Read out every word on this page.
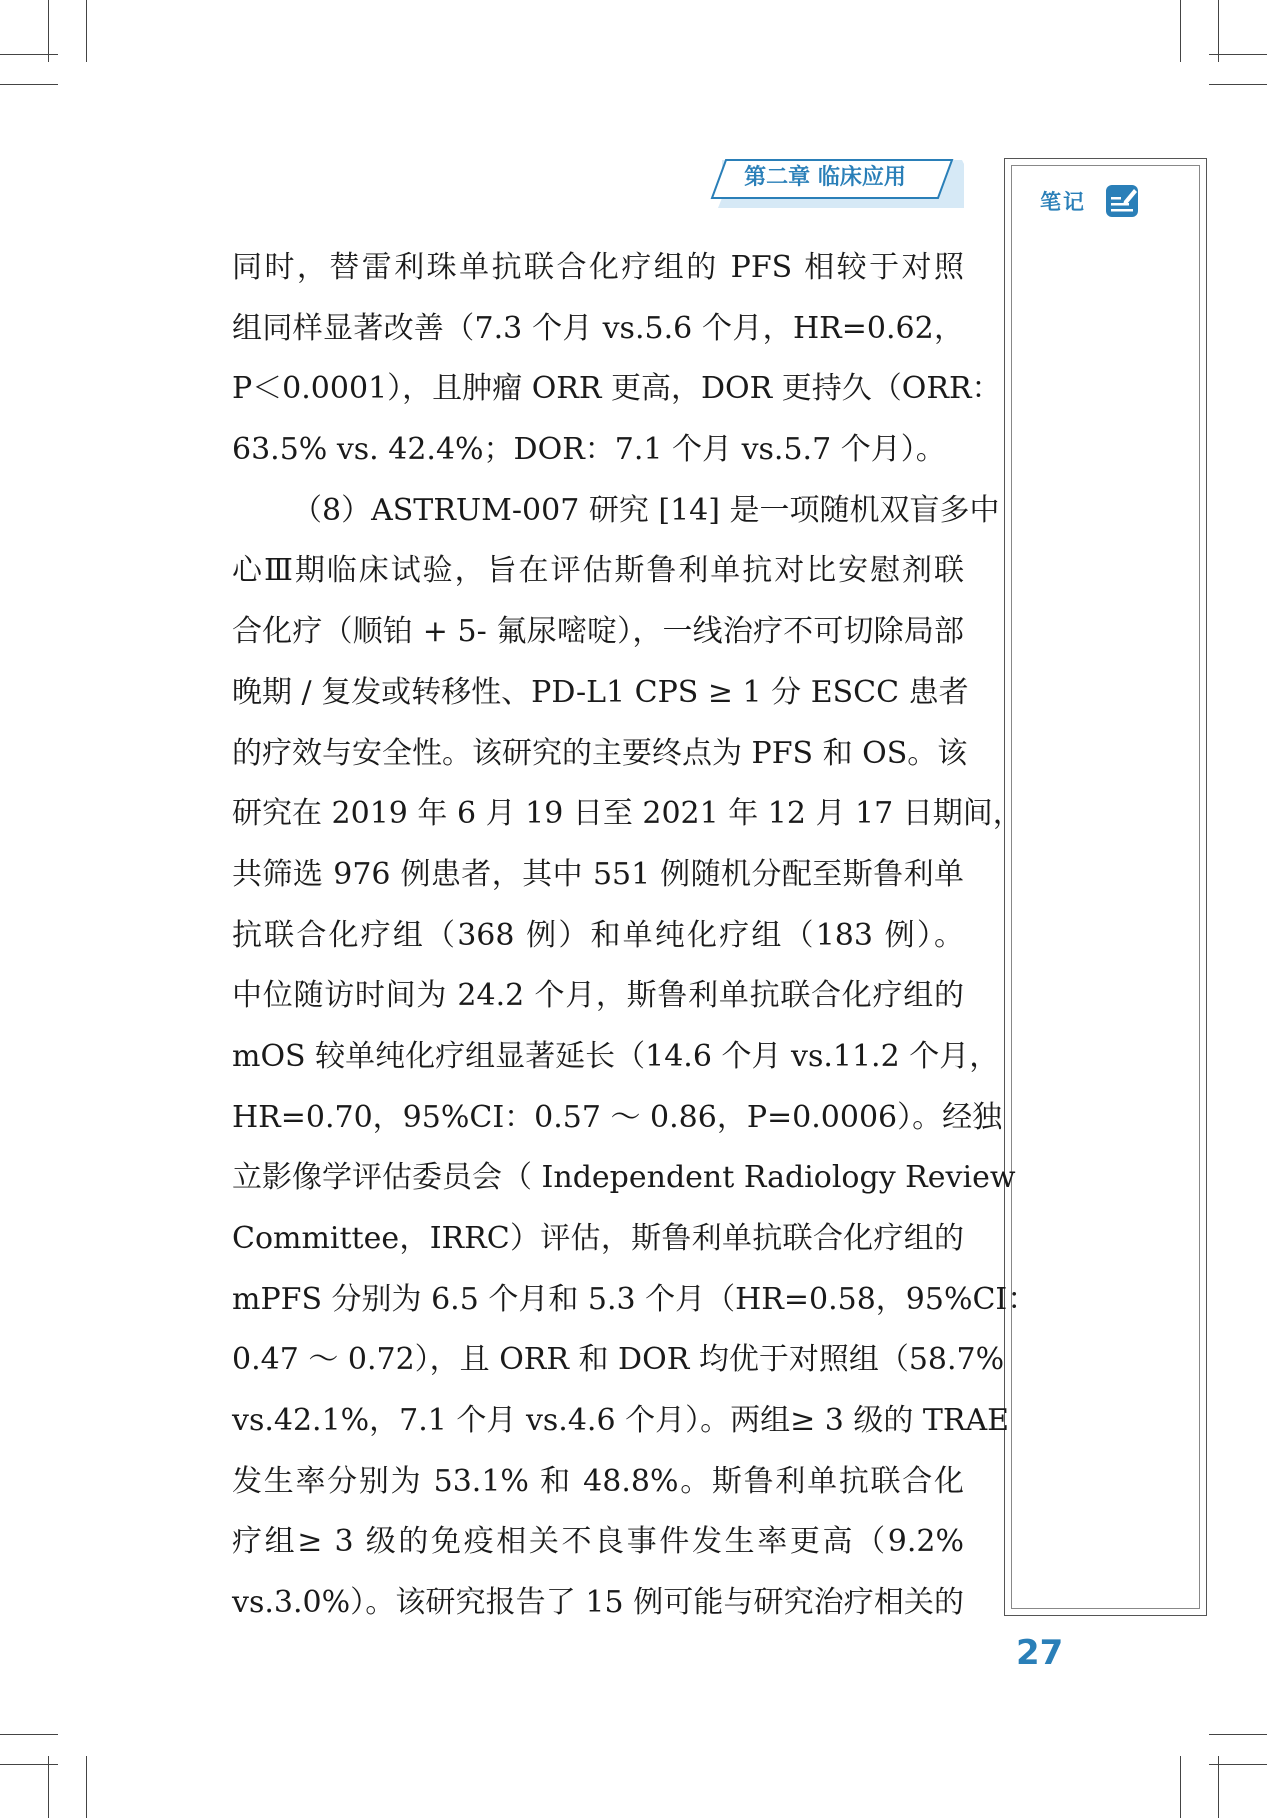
第二章 临床应用
笔记
同时，替雷利珠单抗联合化疗组的 PFS 相较于对照
组同样显著改善（7.3 个月 vs.5.6 个月，HR=0.62，
P＜0.0001），且肿瘤 ORR 更高，DOR 更持久（ORR：
63.5% vs. 42.4%；DOR：7.1 个月 vs.5.7 个月）。
（8）ASTRUM-007 研究 [14] 是一项随机双盲多中
心Ⅲ期临床试验，旨在评估斯鲁利单抗对比安慰剂联
合化疗（顺铂 + 5- 氟尿嘧啶），一线治疗不可切除局部
晚期 / 复发或转移性、PD-L1 CPS ≥ 1 分 ESCC 患者
的疗效与安全性。该研究的主要终点为 PFS 和 OS。该
研究在 2019 年 6 月 19 日至 2021 年 12 月 17 日期间，
共筛选 976 例患者，其中 551 例随机分配至斯鲁利单
抗联合化疗组（368 例）和单纯化疗组（183 例）。
中位随访时间为 24.2 个月，斯鲁利单抗联合化疗组的
mOS 较单纯化疗组显著延长（14.6 个月 vs.11.2 个月，
HR=0.70，95%CI：0.57 ～ 0.86，P=0.0006）。经独
立影像学评估委员会（ Independent Radiology Review
Committee，IRRC）评估，斯鲁利单抗联合化疗组的
mPFS 分别为 6.5 个月和 5.3 个月（HR=0.58，95%CI：
0.47 ～ 0.72），且 ORR 和 DOR 均优于对照组（58.7%
vs.42.1%，7.1 个月 vs.4.6 个月）。两组≥ 3 级的 TRAE
发生率分别为 53.1% 和 48.8%。斯鲁利单抗联合化
疗组≥ 3 级的免疫相关不良事件发生率更高（9.2%
vs.3.0%）。该研究报告了 15 例可能与研究治疗相关的
27
